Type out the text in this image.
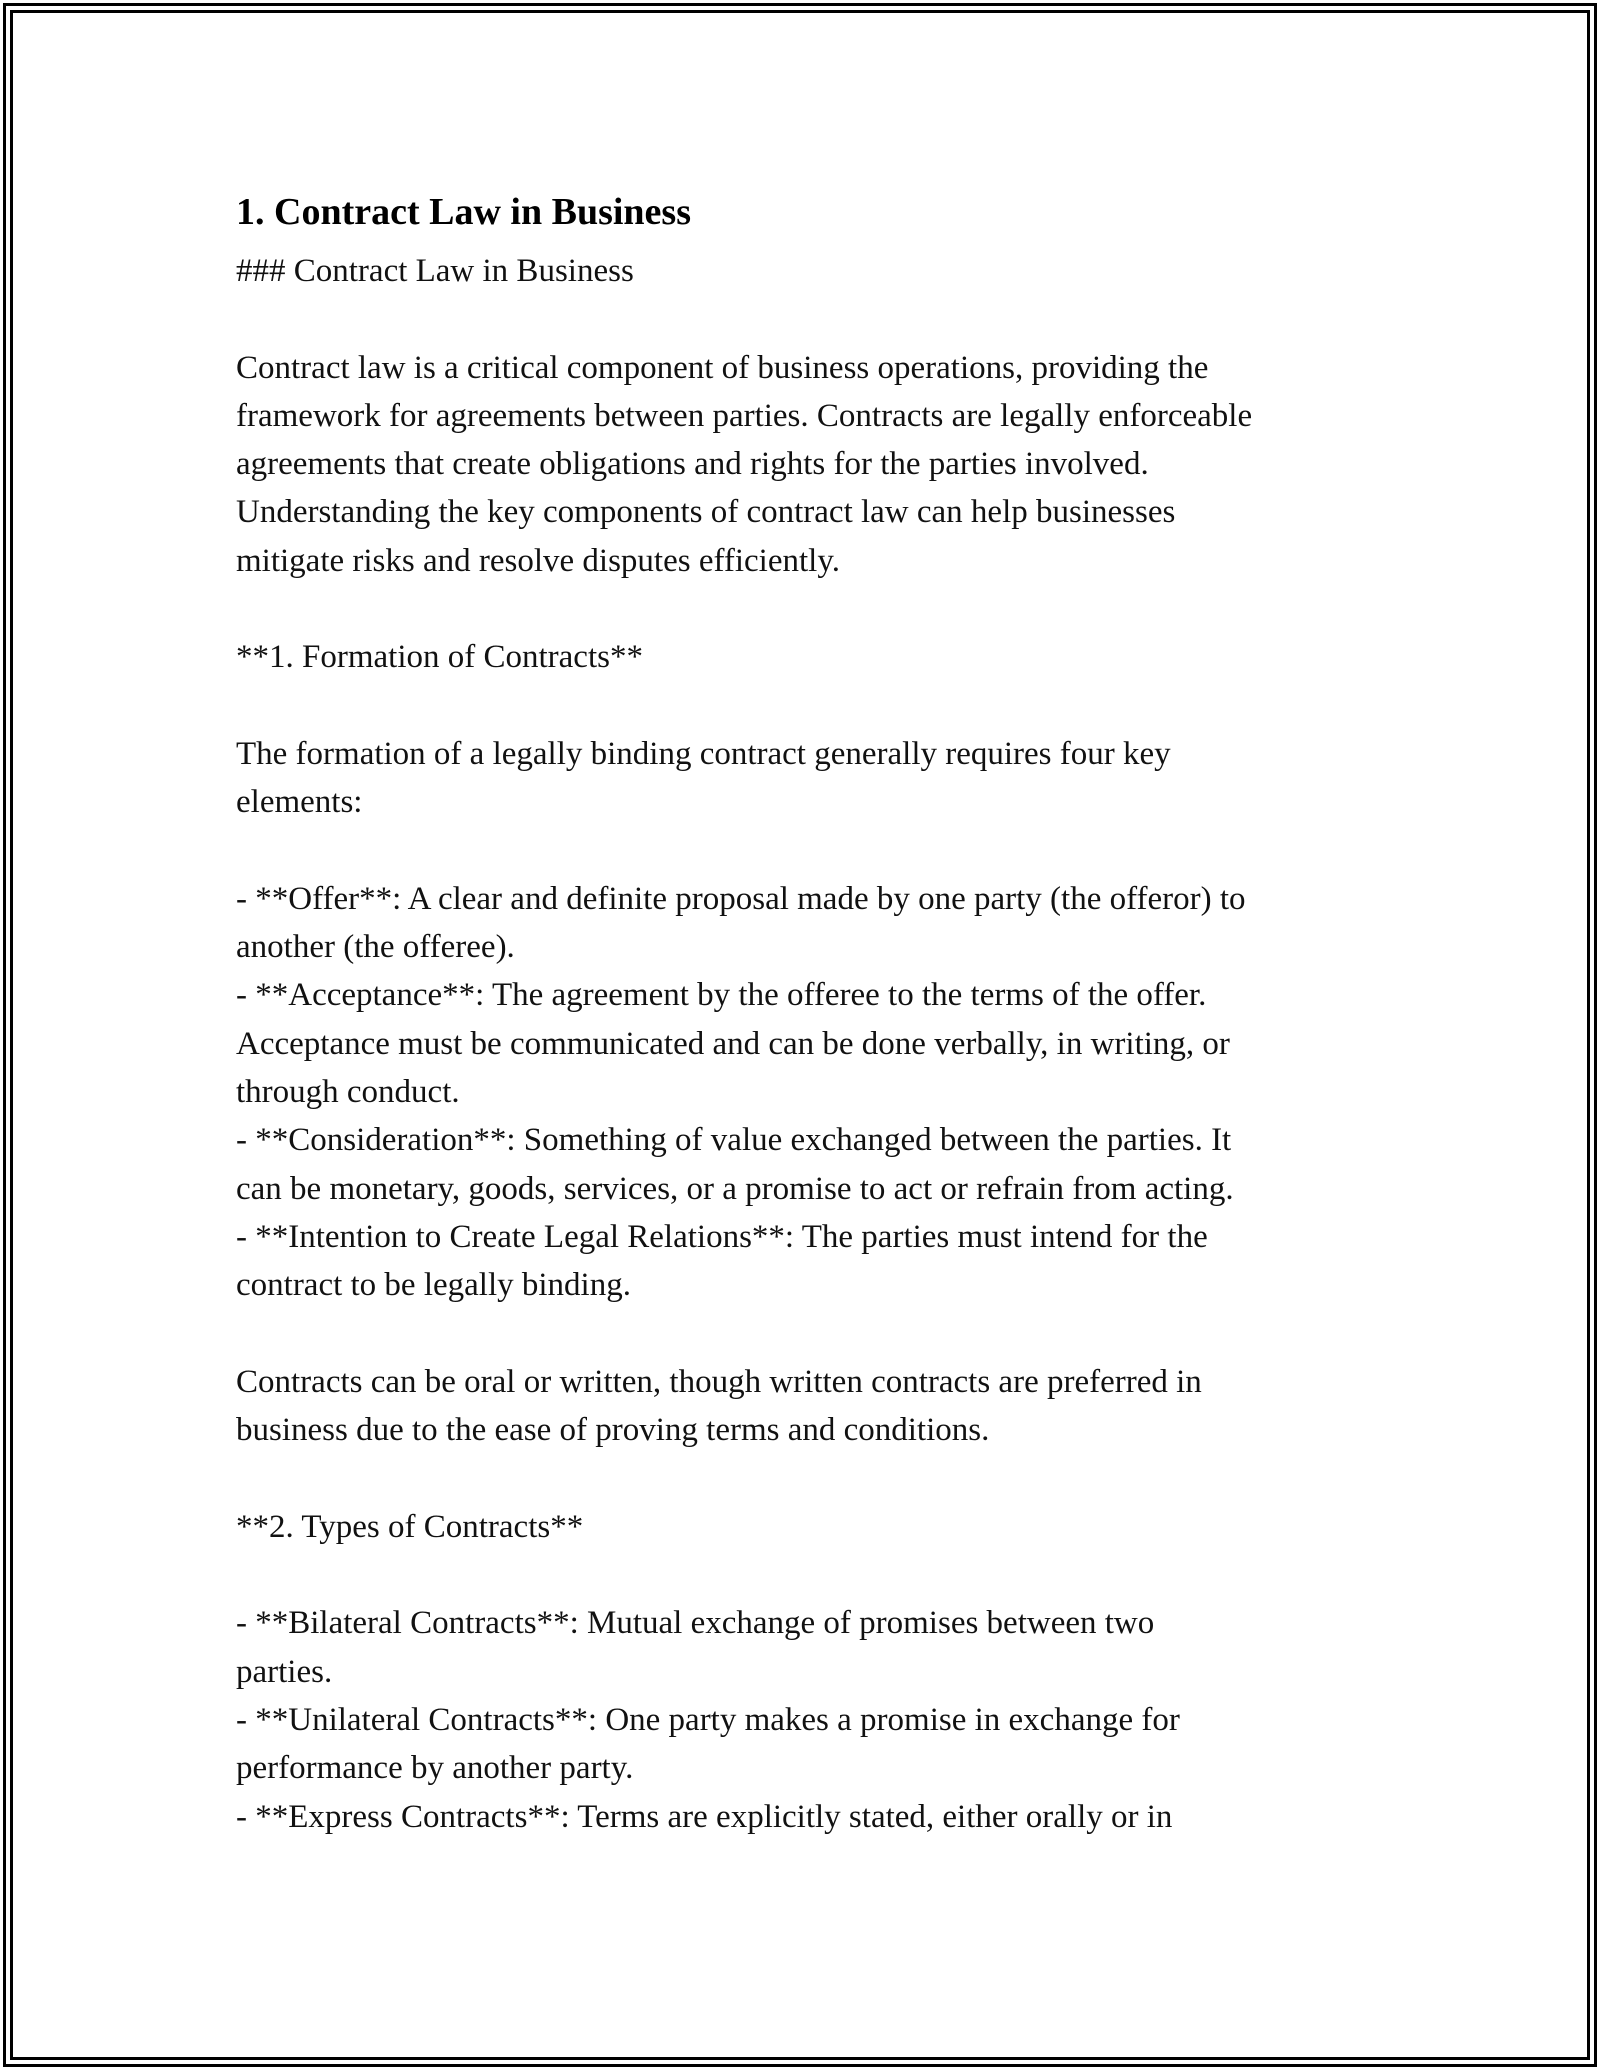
1. Contract Law in Business
### Contract Law in Business
Contract law is a critical component of business operations, providing the
framework for agreements between parties. Contracts are legally enforceable
agreements that create obligations and rights for the parties involved.
Understanding the key components of contract law can help businesses
mitigate risks and resolve disputes efficiently.
**1. Formation of Contracts**
The formation of a legally binding contract generally requires four key
elements:
- **Offer**: A clear and definite proposal made by one party (the offeror) to
another (the offeree).
- **Acceptance**: The agreement by the offeree to the terms of the offer.
Acceptance must be communicated and can be done verbally, in writing, or
through conduct.
- **Consideration**: Something of value exchanged between the parties. It
can be monetary, goods, services, or a promise to act or refrain from acting.
- **Intention to Create Legal Relations**: The parties must intend for the
contract to be legally binding.
Contracts can be oral or written, though written contracts are preferred in
business due to the ease of proving terms and conditions.
**2. Types of Contracts**
- **Bilateral Contracts**: Mutual exchange of promises between two
parties.
- **Unilateral Contracts**: One party makes a promise in exchange for
performance by another party.
- **Express Contracts**: Terms are explicitly stated, either orally or in
